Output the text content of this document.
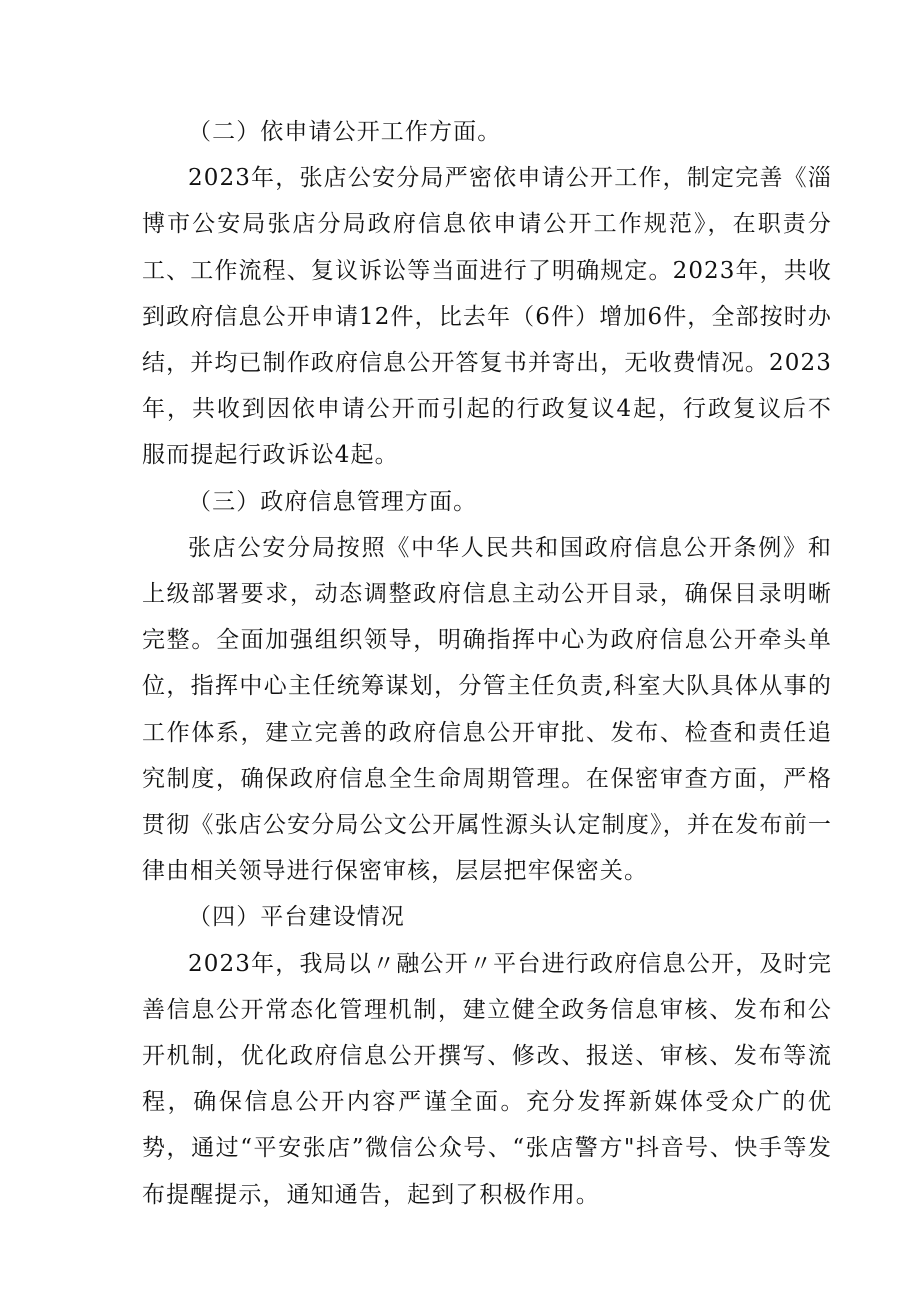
（二）依申请公开工作方面。

2023年，张店公安分局严密依申请公开工作，制定完善《淄博市公安局张店分局政府信息依申请公开工作规范》，在职责分工、工作流程、复议诉讼等当面进行了明确规定。2023年，共收到政府信息公开申请12件，比去年（6件）增加6件，全部按时办结，并均已制作政府信息公开答复书并寄出，无收费情况。2023年，共收到因依申请公开而引起的行政复议4起，行政复议后不服而提起行政诉讼4起。

（三）政府信息管理方面。

张店公安分局按照《中华人民共和国政府信息公开条例》和上级部署要求，动态调整政府信息主动公开目录，确保目录明晰完整。全面加强组织领导，明确指挥中心为政府信息公开牵头单位，指挥中心主任统筹谋划，分管主任负责,科室大队具体从事的工作体系，建立完善的政府信息公开审批、发布、检查和责任追究制度，确保政府信息全生命周期管理。在保密审查方面，严格贯彻《张店公安分局公文公开属性源头认定制度》，并在发布前一律由相关领导进行保密审核，层层把牢保密关。

（四）平台建设情况

2023年，我局以〃融公开〃平台进行政府信息公开，及时完善信息公开常态化管理机制，建立健全政务信息审核、发布和公开机制，优化政府信息公开撰写、修改、报送、审核、发布等流程，确保信息公开内容严谨全面。充分发挥新媒体受众广的优势，通过“平安张店”微信公众号、“张店警方"抖音号、快手等发布提醒提示，通知通告，起到了积极作用。
